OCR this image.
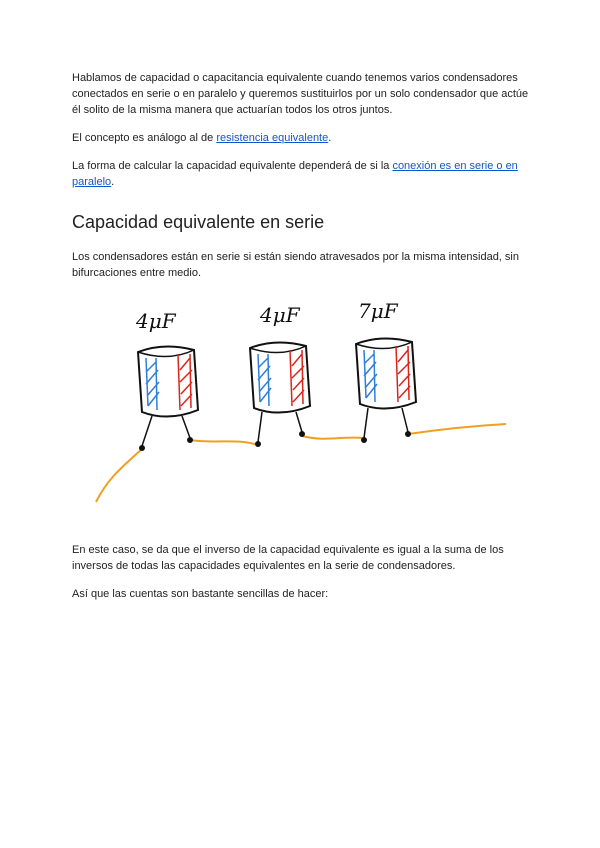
Hablamos de capacidad o capacitancia equivalente cuando tenemos varios condensadores conectados en serie o en paralelo y queremos sustituirlos por un solo condensador que actúe él solito de la misma manera que actuarían todos los otros juntos.

El concepto es análogo al de resistencia equivalente.

La forma de calcular la capacidad equivalente dependerá de si la conexión es en serie o en paralelo.

Capacidad equivalente en serie

Los condensadores están en serie si están siendo atravesados por la misma intensidad, sin bifurcaciones entre medio.

4μF	4μF	7μF

En este caso, se da que el inverso de la capacidad equivalente es igual a la suma de los inversos de todas las capacidades equivalentes en la serie de condensadores.

Así que las cuentas son bastante sencillas de hacer:
